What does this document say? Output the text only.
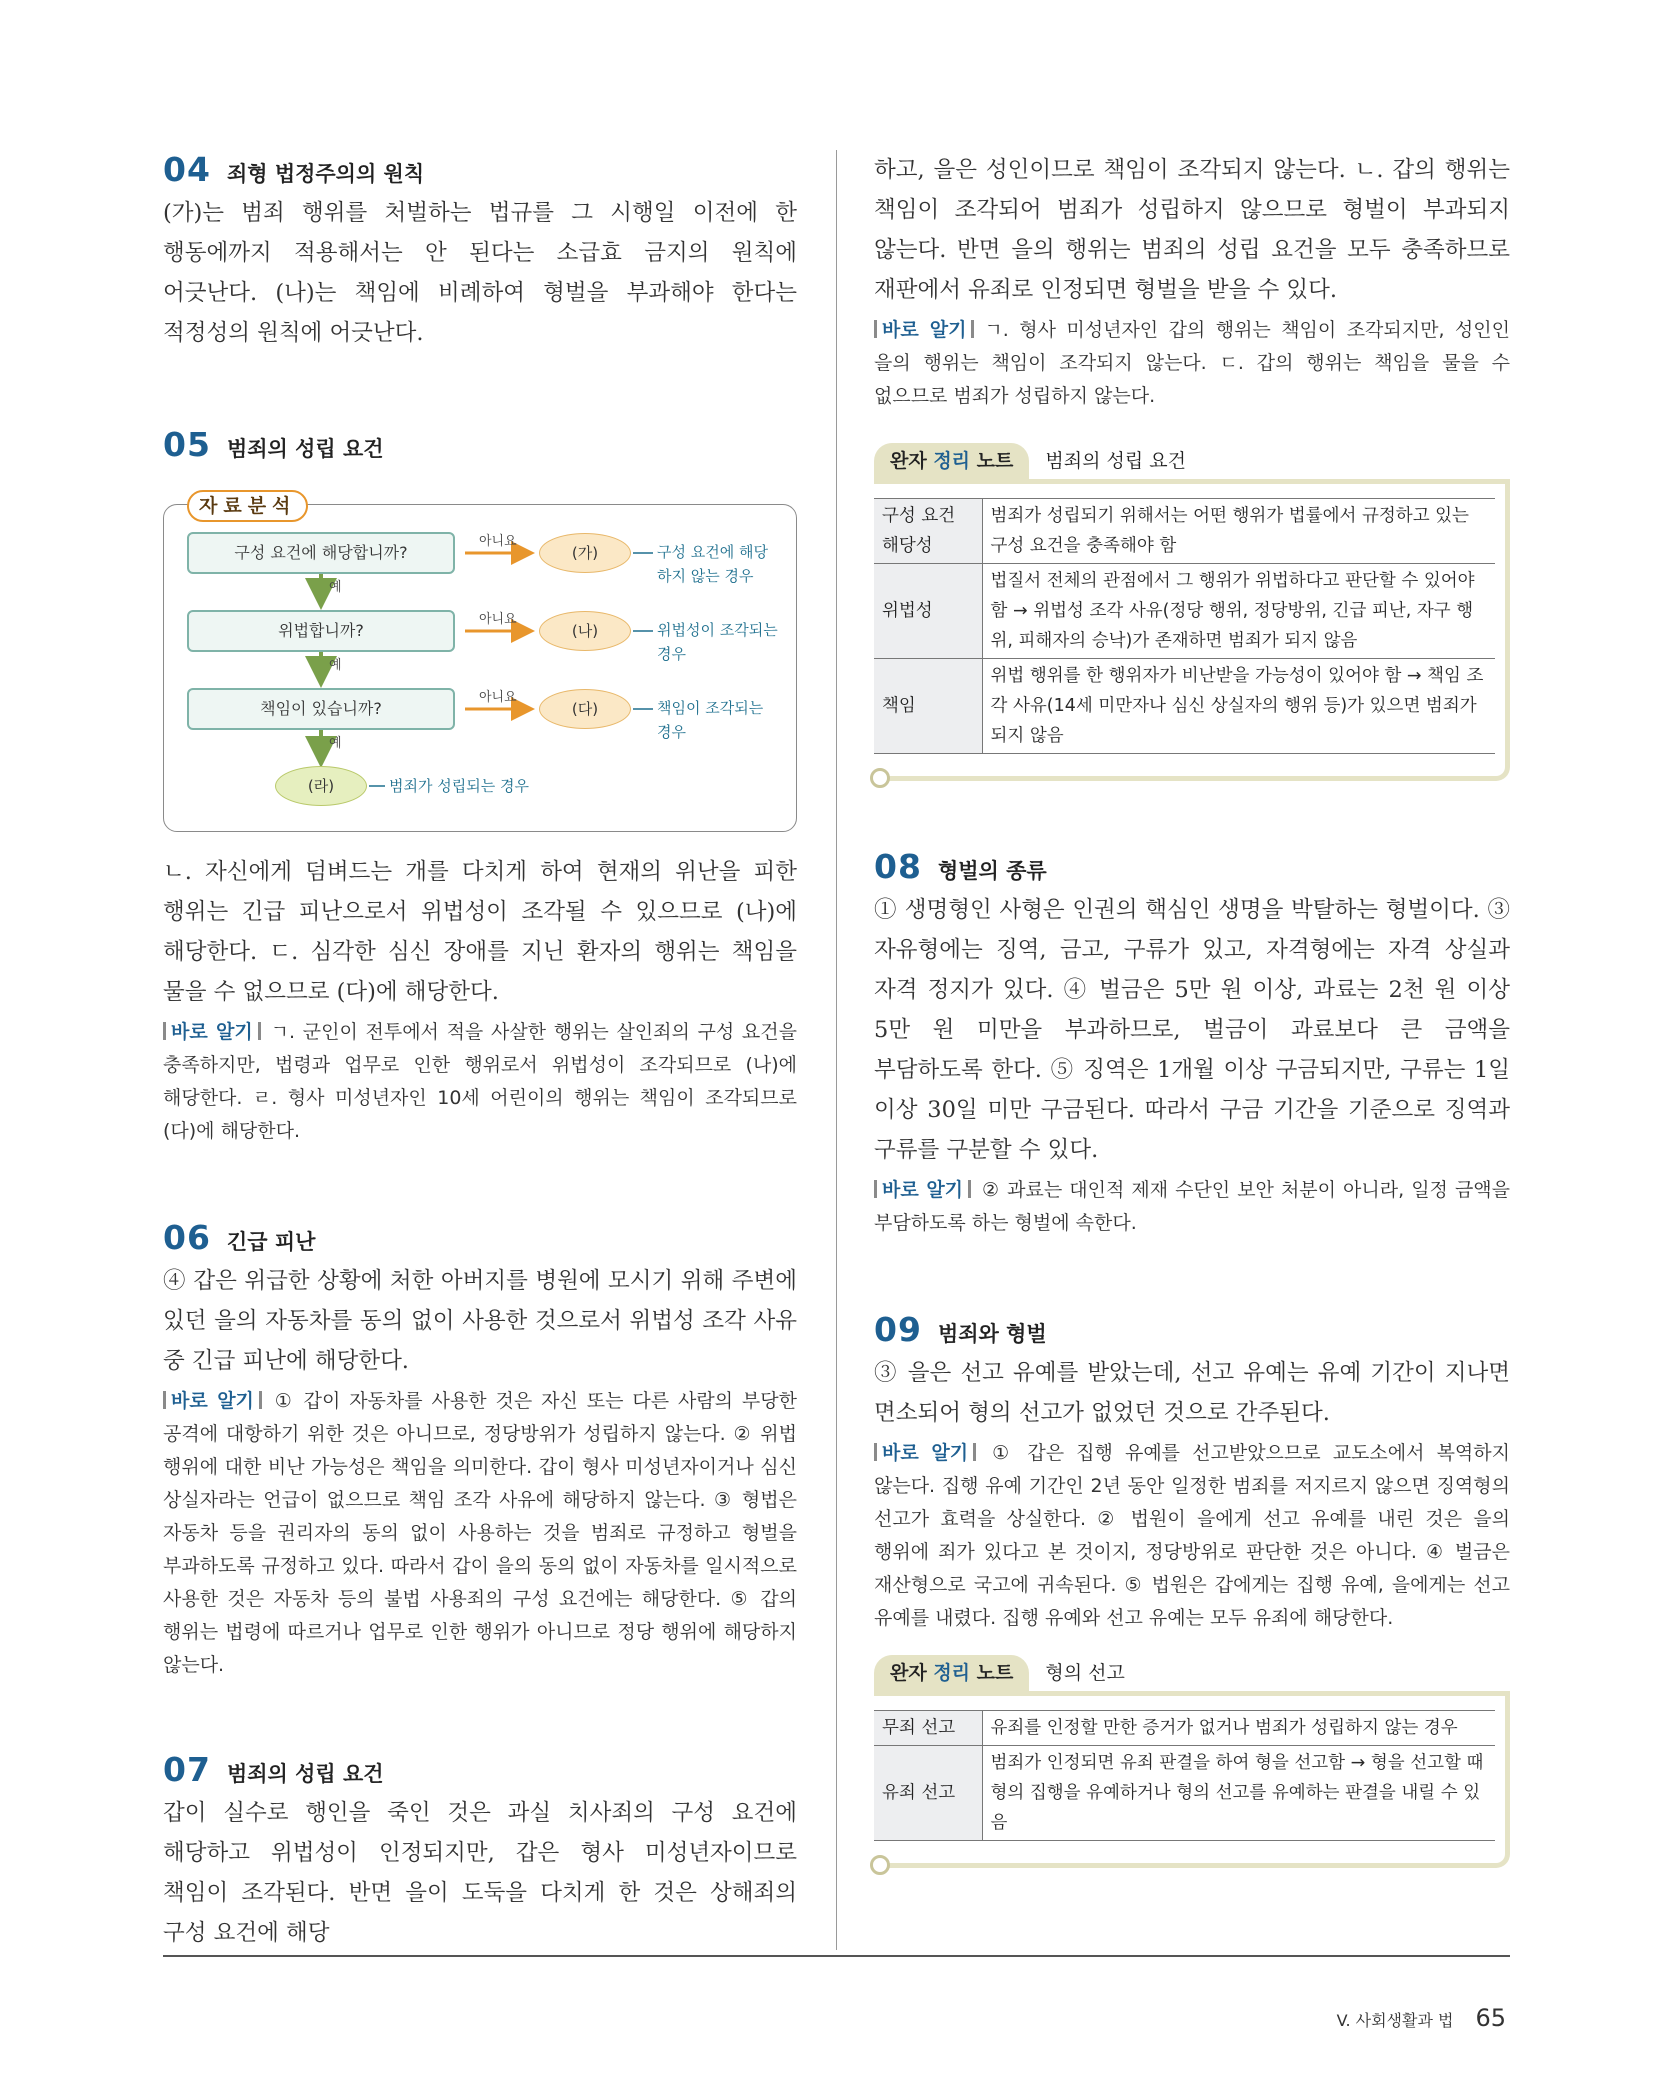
04 죄형 법정주의의 원칙

(가)는 범죄 행위를 처벌하는 법규를 그 시행일 이전에 한 행동에까지 적용해서는 안 된다는 소급효 금지의 원칙에 어긋난다. (나)는 책임에 비례하여 형벌을 부과해야 한다는 적정성의 원칙에 어긋난다.

05 범죄의 성립 요건
자료분석
구성 요건에 해당합니까?
위법합니까?
책임이 있습니까?
예
예
예
아니요
아니요
아니요
(가)
(나)
(다)
(라)
구성 요건에 해당
하지 않는 경우
위법성이 조각되는
경우
책임이 조각되는
경우
범죄가 성립되는 경우

ㄴ. 자신에게 덤벼드는 개를 다치게 하여 현재의 위난을 피한 행위는 긴급 피난으로서 위법성이 조각될 수 있으므로 (나)에 해당한다. ㄷ. 심각한 심신 장애를 지닌 환자의 행위는 책임을 물을 수 없으므로 (다)에 해당한다.

바로 알기 ㄱ. 군인이 전투에서 적을 사살한 행위는 살인죄의 구성 요건을 충족하지만, 법령과 업무로 인한 행위로서 위법성이 조각되므로 (나)에 해당한다. ㄹ. 형사 미성년자인 10세 어린이의 행위는 책임이 조각되므로 (다)에 해당한다.

06 긴급 피난

④ 갑은 위급한 상황에 처한 아버지를 병원에 모시기 위해 주변에 있던 을의 자동차를 동의 없이 사용한 것으로서 위법성 조각 사유 중 긴급 피난에 해당한다.

바로 알기 ① 갑이 자동차를 사용한 것은 자신 또는 다른 사람의 부당한 공격에 대항하기 위한 것은 아니므로, 정당방위가 성립하지 않는다. ② 위법 행위에 대한 비난 가능성은 책임을 의미한다. 갑이 형사 미성년자이거나 심신 상실자라는 언급이 없으므로 책임 조각 사유에 해당하지 않는다. ③ 형법은 자동차 등을 권리자의 동의 없이 사용하는 것을 범죄로 규정하고 형벌을 부과하도록 규정하고 있다. 따라서 갑이 을의 동의 없이 자동차를 일시적으로 사용한 것은 자동차 등의 불법 사용죄의 구성 요건에는 해당한다. ⑤ 갑의 행위는 법령에 따르거나 업무로 인한 행위가 아니므로 정당 행위에 해당하지 않는다.

07 범죄의 성립 요건

갑이 실수로 행인을 죽인 것은 과실 치사죄의 구성 요건에 해당하고 위법성이 인정되지만, 갑은 형사 미성년자이므로 책임이 조각된다. 반면 을이 도둑을 다치게 한 것은 상해죄의 구성 요건에 해당

하고, 을은 성인이므로 책임이 조각되지 않는다. ㄴ. 갑의 행위는 책임이 조각되어 범죄가 성립하지 않으므로 형벌이 부과되지 않는다. 반면 을의 행위는 범죄의 성립 요건을 모두 충족하므로 재판에서 유죄로 인정되면 형벌을 받을 수 있다.

바로 알기 ㄱ. 형사 미성년자인 갑의 행위는 책임이 조각되지만, 성인인 을의 행위는 책임이 조각되지 않는다. ㄷ. 갑의 행위는 책임을 물을 수 없으므로 범죄가 성립하지 않는다.

완자 정리 노트 범죄의 성립 요건
구성 요건 해당성	범죄가 성립되기 위해서는 어떤 행위가 법률에서 규정하고 있는 구성 요건을 충족해야 함
위법성	법질서 전체의 관점에서 그 행위가 위법하다고 판단할 수 있어야 함 → 위법성 조각 사유(정당 행위, 정당방위, 긴급 피난, 자구 행위, 피해자의 승낙)가 존재하면 범죄가 되지 않음
책임	위법 행위를 한 행위자가 비난받을 가능성이 있어야 함 → 책임 조각 사유(14세 미만자나 심신 상실자의 행위 등)가 있으면 범죄가 되지 않음
08 형벌의 종류

① 생명형인 사형은 인권의 핵심인 생명을 박탈하는 형벌이다. ③ 자유형에는 징역, 금고, 구류가 있고, 자격형에는 자격 상실과 자격 정지가 있다. ④ 벌금은 5만 원 이상, 과료는 2천 원 이상 5만 원 미만을 부과하므로, 벌금이 과료보다 큰 금액을 부담하도록 한다. ⑤ 징역은 1개월 이상 구금되지만, 구류는 1일 이상 30일 미만 구금된다. 따라서 구금 기간을 기준으로 징역과 구류를 구분할 수 있다.

바로 알기 ② 과료는 대인적 제재 수단인 보안 처분이 아니라, 일정 금액을 부담하도록 하는 형벌에 속한다.

09 범죄와 형벌

③ 을은 선고 유예를 받았는데, 선고 유예는 유예 기간이 지나면 면소되어 형의 선고가 없었던 것으로 간주된다.

바로 알기 ① 갑은 집행 유예를 선고받았으므로 교도소에서 복역하지 않는다. 집행 유예 기간인 2년 동안 일정한 범죄를 저지르지 않으면 징역형의 선고가 효력을 상실한다. ② 법원이 을에게 선고 유예를 내린 것은 을의 행위에 죄가 있다고 본 것이지, 정당방위로 판단한 것은 아니다. ④ 벌금은 재산형으로 국고에 귀속된다. ⑤ 법원은 갑에게는 집행 유예, 을에게는 선고 유예를 내렸다. 집행 유예와 선고 유예는 모두 유죄에 해당한다.

완자 정리 노트 형의 선고
무죄 선고	유죄를 인정할 만한 증거가 없거나 범죄가 성립하지 않는 경우
유죄 선고	범죄가 인정되면 유죄 판결을 하여 형을 선고함 → 형을 선고할 때 형의 집행을 유예하거나 형의 선고를 유예하는 판결을 내릴 수 있음
V. 사회생활과 법 65
